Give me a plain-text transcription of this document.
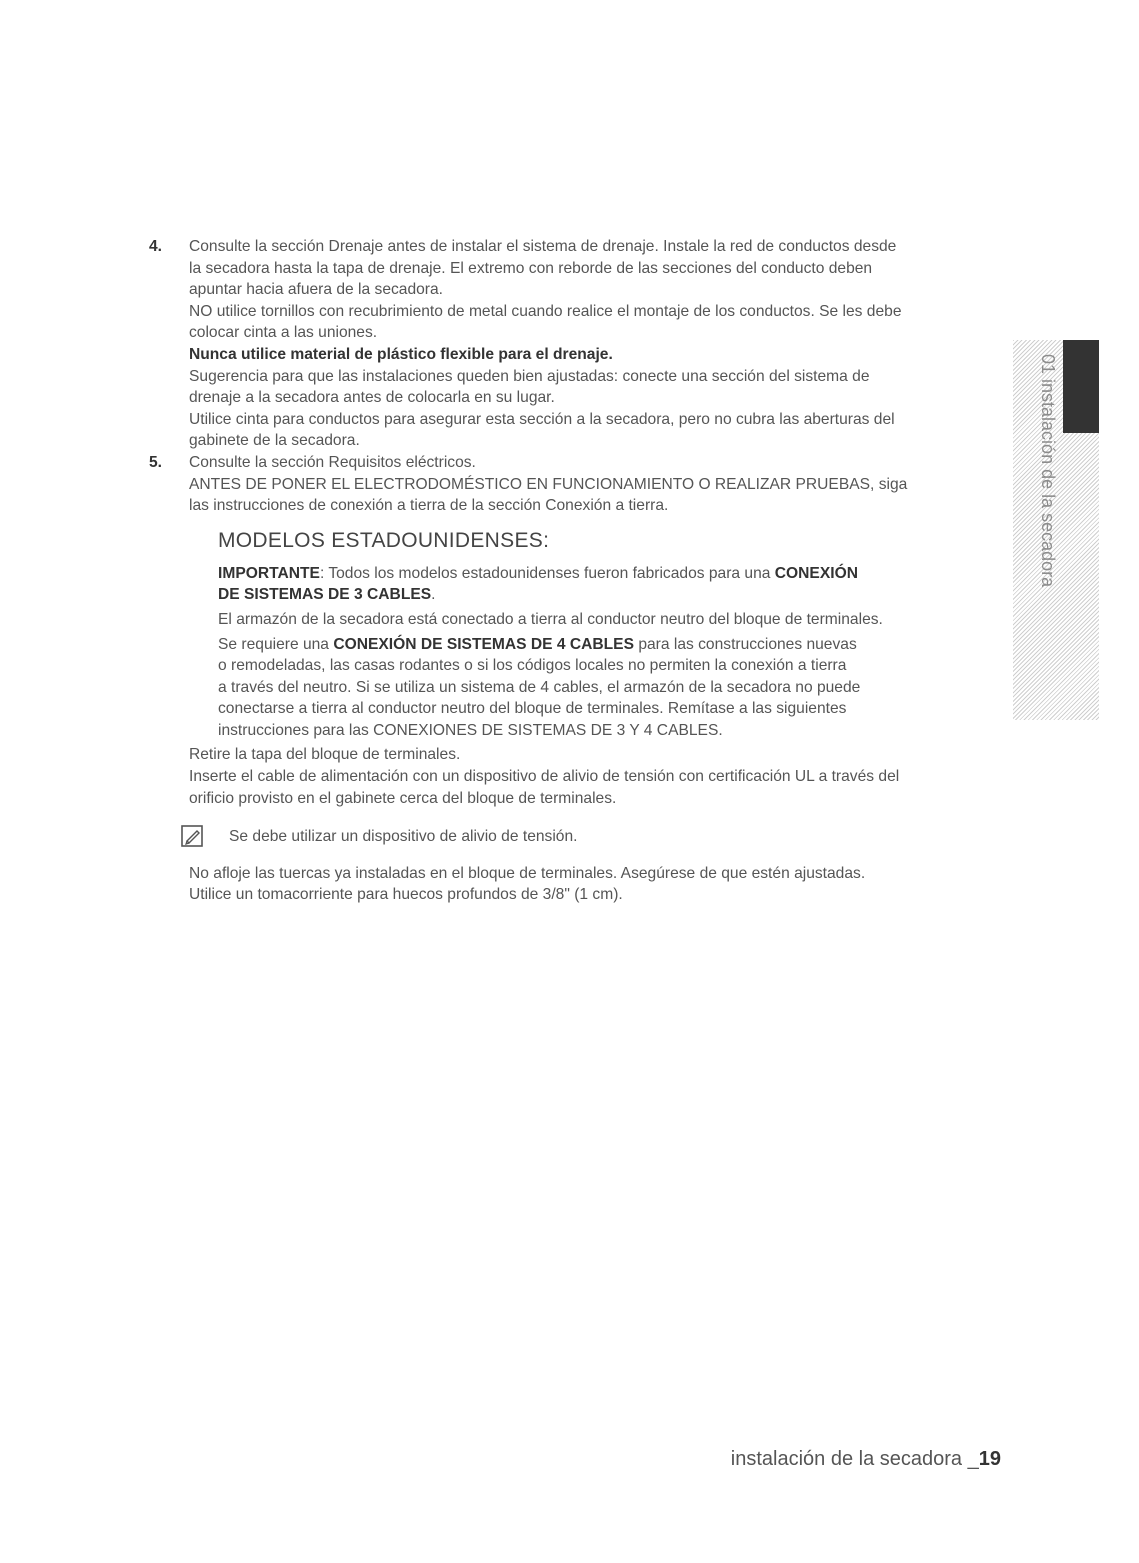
4. Consulte la sección Drenaje antes de instalar el sistema de drenaje. Instale la red de conductos desde
la secadora hasta la tapa de drenaje. El extremo con reborde de las secciones del conducto deben
apuntar hacia afuera de la secadora.
NO utilice tornillos con recubrimiento de metal cuando realice el montaje de los conductos. Se les debe
colocar cinta a las uniones.
Nunca utilice material de plástico flexible para el drenaje.
Sugerencia para que las instalaciones queden bien ajustadas: conecte una sección del sistema de
drenaje a la secadora antes de colocarla en su lugar.
Utilice cinta para conductos para asegurar esta sección a la secadora, pero no cubra las aberturas del
gabinete de la secadora.
5. Consulte la sección Requisitos eléctricos.
ANTES DE PONER EL ELECTRODOMÉSTICO EN FUNCIONAMIENTO O REALIZAR PRUEBAS, siga
las instrucciones de conexión a tierra de la sección Conexión a tierra.
MODELOS ESTADOUNIDENSES:

IMPORTANTE: Todos los modelos estadounidenses fueron fabricados para una CONEXIÓN
DE SISTEMAS DE 3 CABLES.

El armazón de la secadora está conectado a tierra al conductor neutro del bloque de terminales.

Se requiere una CONEXIÓN DE SISTEMAS DE 4 CABLES para las construcciones nuevas
o remodeladas, las casas rodantes o si los códigos locales no permiten la conexión a tierra
a través del neutro. Si se utiliza un sistema de 4 cables, el armazón de la secadora no puede
conectarse a tierra al conductor neutro del bloque de terminales. Remítase a las siguientes
instrucciones para las CONEXIONES DE SISTEMAS DE 3 Y 4 CABLES.

Retire la tapa del bloque de terminales.
Inserte el cable de alimentación con un dispositivo de alivio de tensión con certificación UL a través del
orificio provisto en el gabinete cerca del bloque de terminales.
Se debe utilizar un dispositivo de alivio de tensión.
No afloje las tuercas ya instaladas en el bloque de terminales. Asegúrese de que estén ajustadas.
Utilice un tomacorriente para huecos profundos de 3/8" (1 cm).
01 instalación de la secadora
instalación de la secadora _19
